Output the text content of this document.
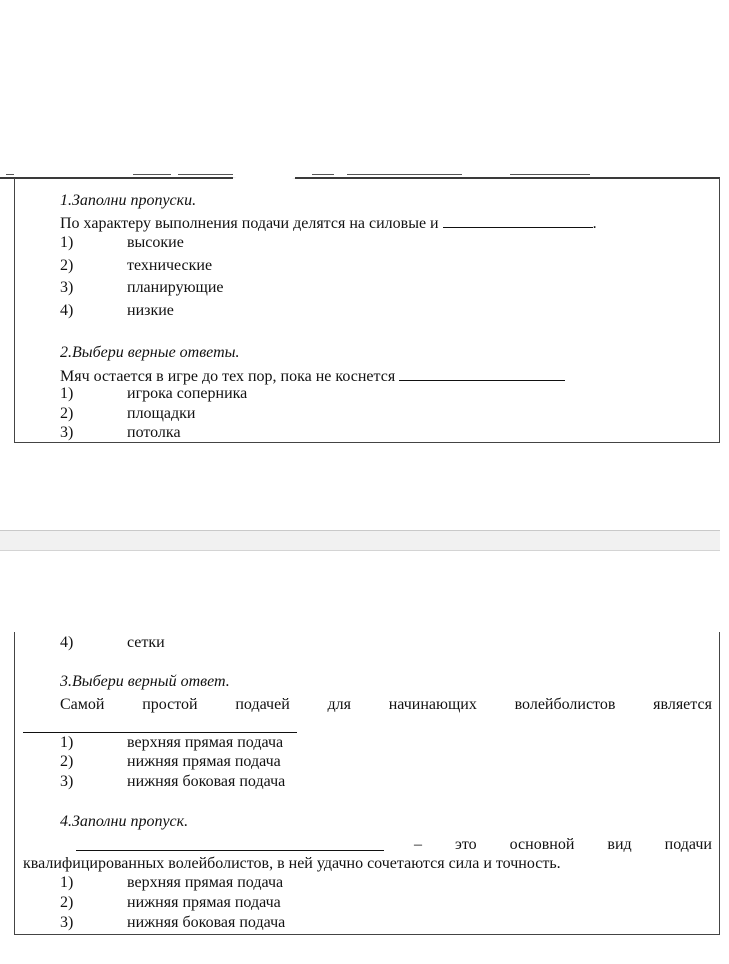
1.Заполни пропуски.
По характеру выполнения подачи делятся на силовые и	.
1)	высокие
2)	технические
3)	планирующие
4)	низкие
2.Выбери верные ответы.
Мяч остается в игре до тех пор, пока не коснется
1)	игрока соперника
2)	площадки
3)	потолка
4)	сетки
3.Выбери верный ответ.
Самой простой подачей для начинающих волейболистов является
1)	верхняя прямая подача
2)	нижняя прямая подача
3)	нижняя боковая подача
4.Заполни пропуск.
– это основной вид подачи
квалифицированных волейболистов, в ней удачно сочетаются сила и точность.
1)	верхняя прямая подача
2)	нижняя прямая подача
3)	нижняя боковая подача
